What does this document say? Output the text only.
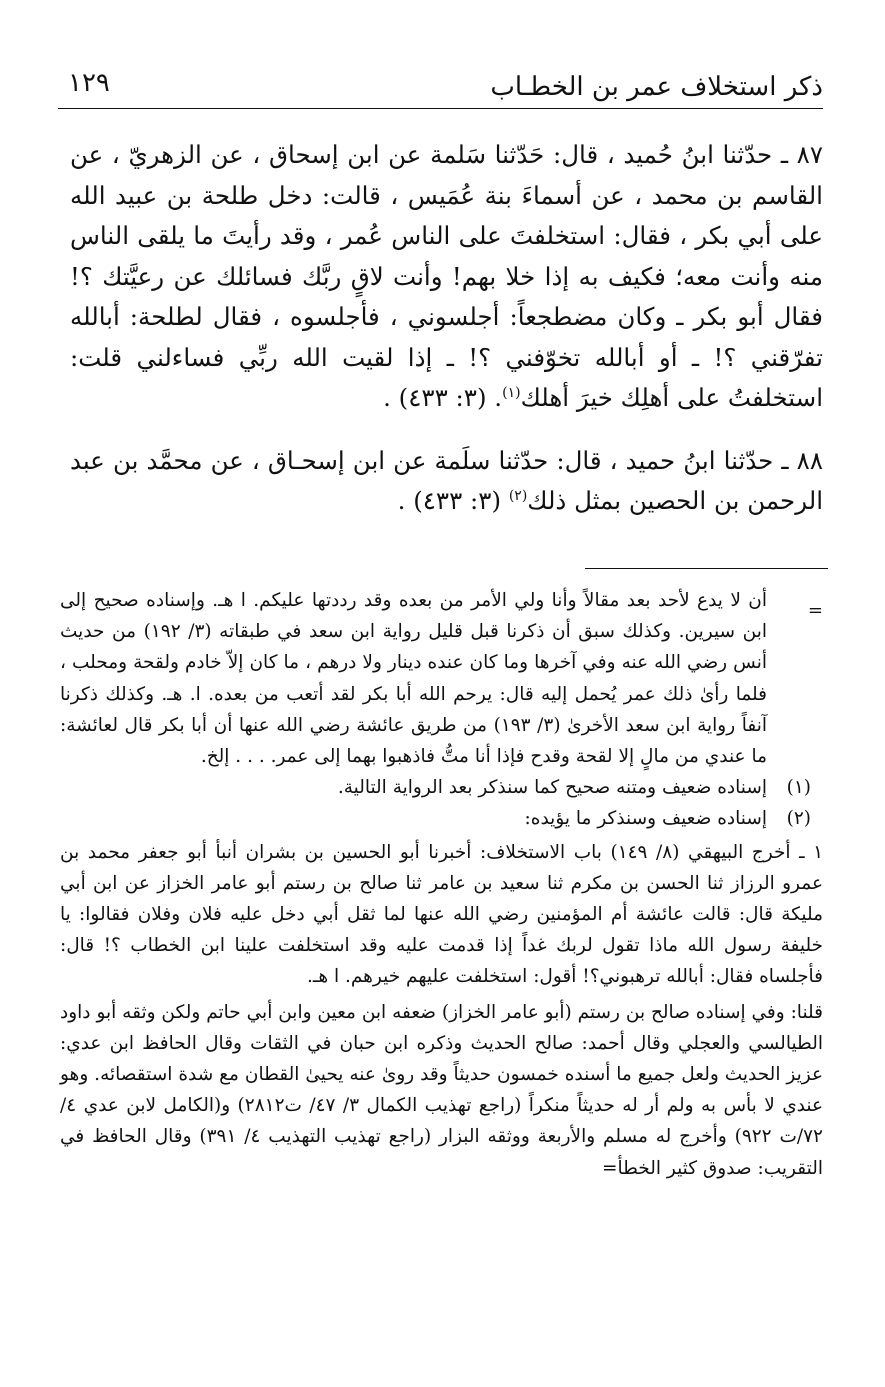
ذكر استخلاف عمر بن الخطـاب
١٢٩

٨٧ ـ حدّثنا ابنُ حُميد ، قال: حَدّثنا سَلمة عن ابن إسحاق ، عن الزهريّ ، عن القاسم بن محمد ، عن أسماءَ بنة عُمَيس ، قالت: دخل طلحة بن عبيد الله على أبي بكر ، فقال: استخلفتَ على الناس عُمر ، وقد رأيتَ ما يلقى الناس منه وأنت معه؛ فكيف به إذا خلا بهم! وأنت لاقٍ ربَّك فسائلك عن رعيَّتك ؟! فقال أبو بكر ـ وكان مضطجعاً: أجلسوني ، فأجلسوه ، فقال لطلحة: أبالله تفرّقني ؟! ـ أو أبالله تخوّفني ؟! ـ إذا لقيت الله ربِّي فساءلني قلت: استخلفتُ على أهلِك خيرَ أهلك$^{(١)}$. (٣: ٤٣٣) .

٨٨ ـ حدّثنا ابنُ حميد ، قال: حدّثنا سلَمة عن ابن إسحـاق ، عن محمَّد بن عبد الرحمن بن الحصين بمثل ذلك$^{(٢)}$ (٣: ٤٣٣) .

=
أن لا يدع لأحد بعد مقالاً وأنا ولي الأمر من بعده وقد رددتها عليكم. ا هـ. وإسناده صحيح إلى ابن سيرين. وكذلك سبق أن ذكرنا قبل قليل رواية ابن سعد في طبقاته (٣/ ١٩٢) من حديث أنس رضي الله عنه وفي آخرها وما كان عنده دينار ولا درهم ، ما كان إلاّ خادم ولقحة ومحلب ، فلما رأىٰ ذلك عمر يُحمل إليه قال: يرحم الله أبا بكر لقد أتعب من بعده. ا. هـ. وكذلك ذكرنا آنفاً رواية ابن سعد الأخرىٰ (٣/ ١٩٣) من طريق عائشة رضي الله عنها أن أبا بكر قال لعائشة: ما عندي من مالٍ إلا لقحة وقدح فإذا أنا متُّ فاذهبوا بهما إلى عمر. . . . إلخ.

(١)
إسناده ضعيف ومتنه صحيح كما سنذكر بعد الرواية التالية.

(٢)
إسناده ضعيف وسنذكر ما يؤيده:

١ ـ أخرج البيهقي (٨/ ١٤٩) باب الاستخلاف: أخبرنا أبو الحسين بن بشران أنبأ أبو جعفر محمد بن عمرو الرزاز ثنا الحسن بن مكرم ثنا سعيد بن عامر ثنا صالح بن رستم أبو عامر الخزاز عن ابن أبي مليكة قال: قالت عائشة أم المؤمنين رضي الله عنها لما ثقل أبي دخل عليه فلان وفلان فقالوا: يا خليفة رسول الله ماذا تقول لربك غداً إذا قدمت عليه وقد استخلفت علينا ابن الخطاب ؟! قال: فأجلساه فقال: أبالله ترهبوني؟! أقول: استخلفت عليهم خيرهم. ا هـ.

قلنا: وفي إسناده صالح بن رستم (أبو عامر الخزاز) ضعفه ابن معين وابن أبي حاتم ولكن وثقه أبو داود الطيالسي والعجلي وقال أحمد: صالح الحديث وذكره ابن حبان في الثقات وقال الحافظ ابن عدي: عزيز الحديث ولعل جميع ما أسنده خمسون حديثاً وقد روىٰ عنه يحيىٰ القطان مع شدة استقصائه. وهو عندي لا بأس به ولم أر له حديثاً منكراً (راجع تهذيب الكمال ٣/ ٤٧/ ت٢٨١٢) و(الكامل لابن عدي ٤/ ٧٢/ت ٩٢٢) وأخرج له مسلم والأربعة ووثقه البزار (راجع تهذيب التهذيب ٤/ ٣٩١) وقال الحافظ في التقريب: صدوق كثير الخطأ=
